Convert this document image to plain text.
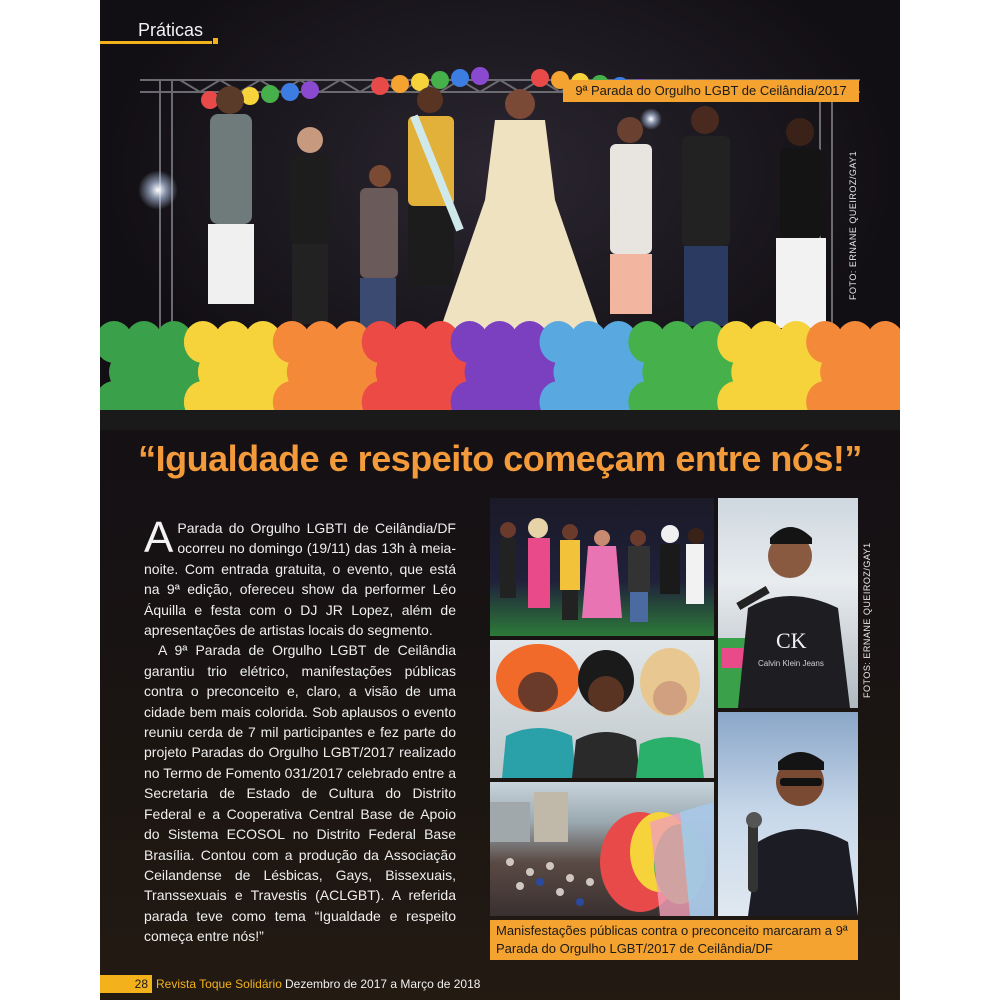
9ª Parada do Orgulho LGBT de Ceilândia/2017
FOTO: ERNANE QUEIROZ/GAY1
Práticas
“Igualdade e respeito começam entre nós!”

A Parada do Orgulho LGBTI de Ceilândia/DF ocorreu no domingo (19/11) das 13h à meia-noite. Com entrada gratuita, o evento, que está na 9ª edição, ofereceu show da performer Léo Áquilla e festa com o DJ JR Lopez, além de apresentações de artistas locais do segmento.

A 9ª Parada de Orgulho LGBT de Ceilândia garantiu trio elétrico, manifestações públicas contra o preconceito e, claro, a visão de uma cidade bem mais colorida. Sob aplausos o evento reuniu cerda de 7 mil participantes e fez parte do projeto Paradas do Orgulho LGBT/2017 realizado no Termo de Fomento 031/2017 celebrado entre a Secretaria de Estado de Cultura do Distrito Federal e a Cooperativa Central Base de Apoio do Sistema ECOSOL no Distrito Federal Base Brasília. Contou com a produção da Associação Ceilandense de Lésbicas, Gays, Bissexuais, Transsexuais e Travestis (ACLGBT). A referida parada teve como tema “Igualdade e respeito começa entre nós!”

CK
Calvin Klein Jeans	FOTOS: ERNANE QUEIROZ/GAY1
Manisfestações públicas contra o preconceito marcaram a 9ª Parada do Orgulho LGBT/2017 de Ceilândia/DF
28 Revista Toque Solidário Dezembro de 2017 a Março de 2018
